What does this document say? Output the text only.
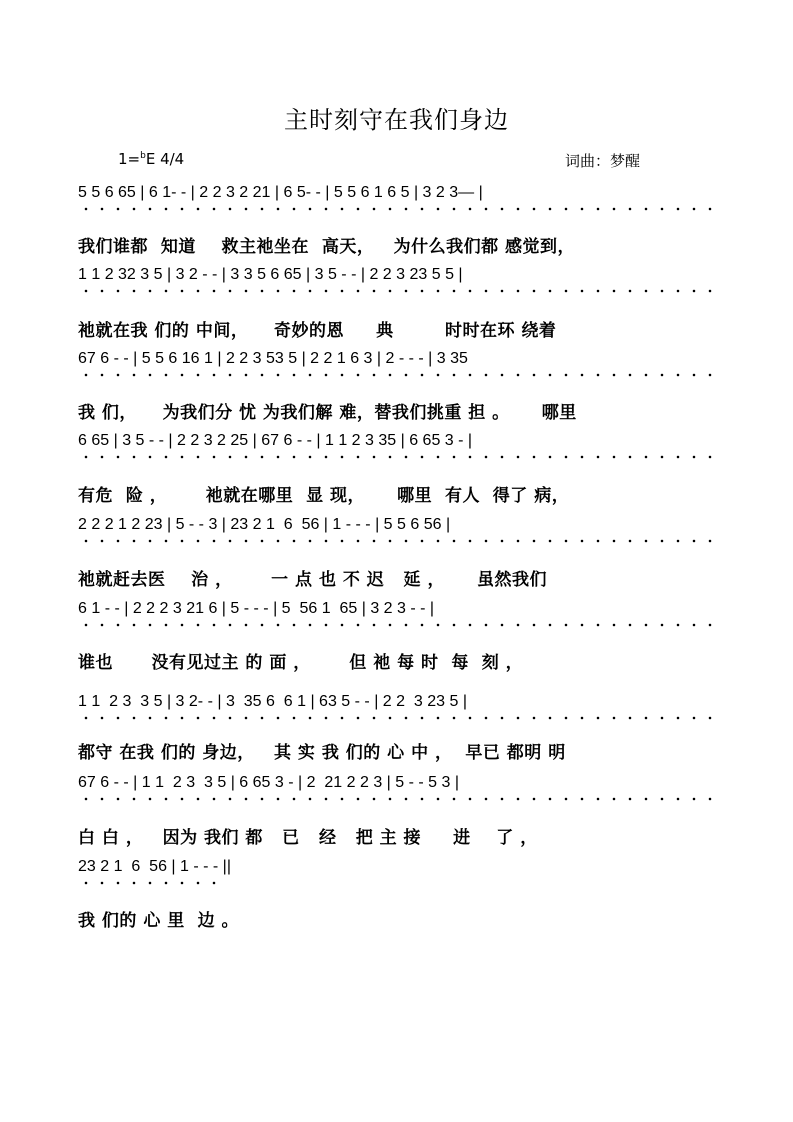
主时刻守在我们身边
1=$^b$E 4/4	词曲：梦醒
5 5 6 65 | 6 1- - | 2 2 3 2 21 | 6 5- - | 5 5 6 1 6 5 | 3 2 3— |
我们谁都  知道    救主祂坐在  高天，   为什么我们都 感觉到，
1 1 2 32 3 5 | 3 2 - - | 3 3 5 6 65 | 3 5 - - | 2 2 3 23 5 5 |
祂就在我 们的 中间，    奇妙的恩     典        时时在环 绕着
67 6 - - | 5 5 6 16 1 | 2 2 3 53 5 | 2 2 1 6 3 | 2 - - - | 3 35
我 们，    为我们分 忧 为我们解 难，替我们挑重 担 。     哪里
6 65 | 3 5 - - | 2 2 3 2 25 | 67 6 - - | 1 1 2 3 35 | 6 65 3 - |
有危  险 ，      祂就在哪里  显 现，     哪里  有人  得了 病，
2 2 2 1 2 23 | 5 - - 3 | 23 2 1  6  56 | 1 - - - | 5 5 6 56 |
祂就赶去医    治 ，      一 点 也 不 迟   延 ，     虽然我们
6 1 - - | 2 2 2 3 21 6 | 5 - - - | 5  56 1  65 | 3 2 3 - - |
谁也      没有见过主 的 面 ，      但 祂 每 时  每  刻 ，
1 1  2 3  3 5 | 3 2- - | 3  35 6  6 1 | 63 5 - - | 2 2  3 23 5 |
都守 在我 们的 身边，   其 实 我 们的 心 中 ，  早已 都明 明
67 6 - - | 1 1  2 3  3 5 | 6 65 3 - | 2  21 2 2 3 | 5 - - 5 3 |
白 白 ，   因为 我们 都   已   经   把 主 接     进    了 ，
23 2 1  6  56 | 1 - - - ||
我 们的 心 里  边 。
